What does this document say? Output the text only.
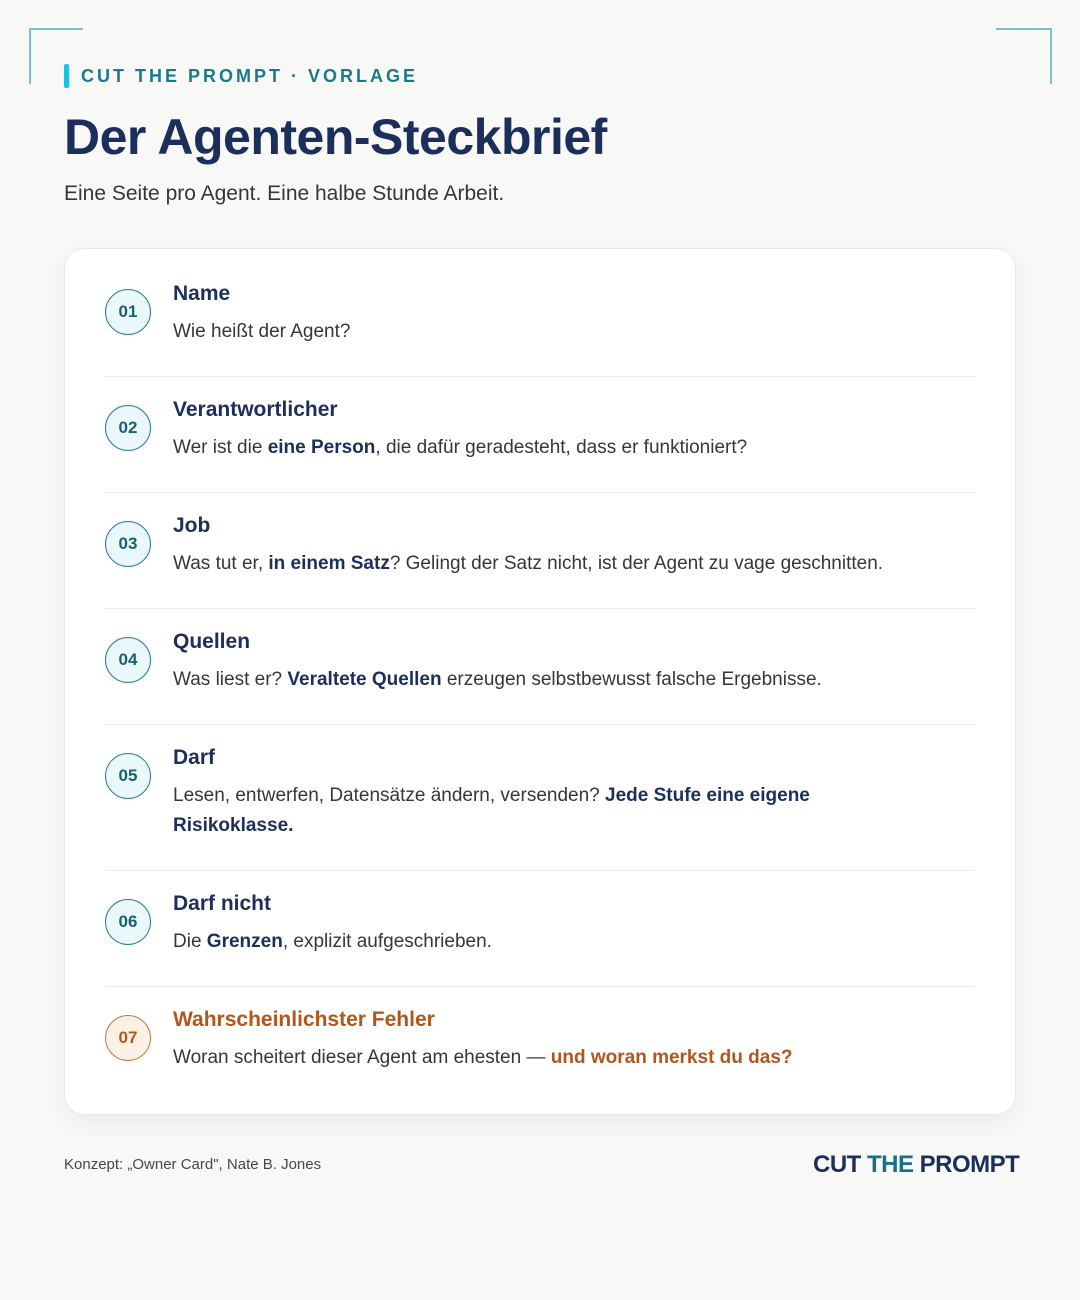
CUT THE PROMPT · VORLAGE
Der Agenten-Steckbrief

Eine Seite pro Agent. Eine halbe Stunde Arbeit.

01
Name
Wie heißt der Agent?
02
Verantwortlicher
Wer ist die eine Person, die dafür geradesteht, dass er funktioniert?
03
Job
Was tut er, in einem Satz? Gelingt der Satz nicht, ist der Agent zu vage geschnitten.
04
Quellen
Was liest er? Veraltete Quellen erzeugen selbstbewusst falsche Ergebnisse.
05
Darf
Lesen, entwerfen, Datensätze ändern, versenden? Jede Stufe eine eigene Risikoklasse.
06
Darf nicht
Die Grenzen, explizit aufgeschrieben.
07
Wahrscheinlichster Fehler
Woran scheitert dieser Agent am ehesten — und woran merkst du das?
Konzept: „Owner Card", Nate B. Jones	CUT THE PROMPT
